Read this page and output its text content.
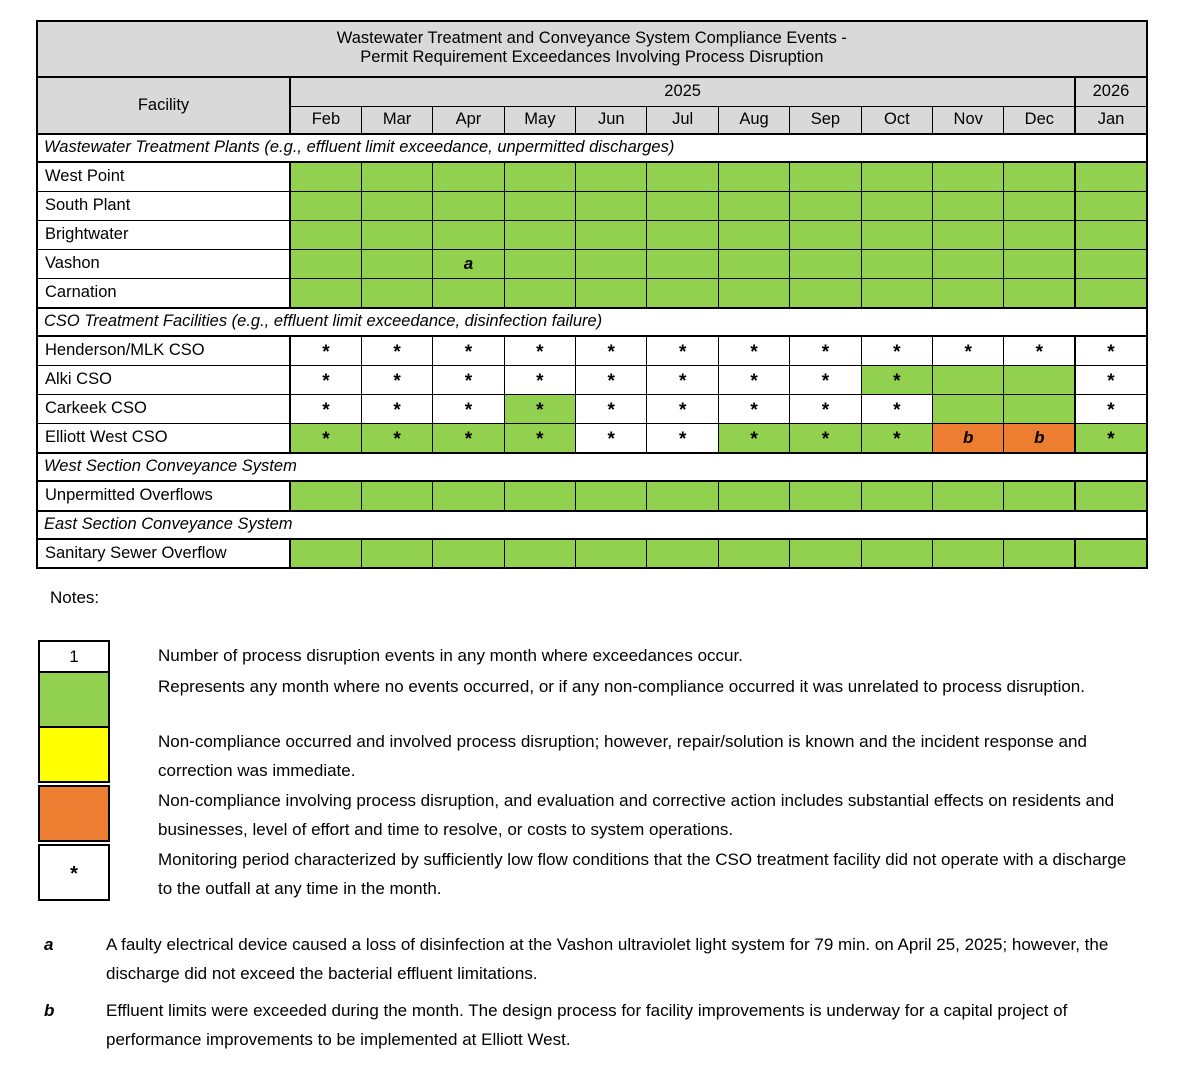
Wastewater Treatment and Conveyance System Compliance Events -
Permit Requirement Exceedances Involving Process Disruption												

Facility	2025											2026
	Feb	Mar	Apr	May	Jun	Jul	Aug	Sep	Oct	Nov	Dec	Jan
Wastewater Treatment Plants (e.g., effluent limit exceedance, unpermitted discharges)												
West Point												
South Plant												
Brightwater												
Vashon			a									
Carnation												
CSO Treatment Facilities (e.g., effluent limit exceedance, disinfection failure)												
Henderson/MLK CSO	*	*	*	*	*	*	*	*	*	*	*	*
Alki CSO	*	*	*	*	*	*	*	*	*			*
Carkeek CSO	*	*	*	*	*	*	*	*	*			*
Elliott West CSO	*	*	*	*	*	*	*	*	*	b	b	*
West Section Conveyance System												
Unpermitted Overflows												
East Section Conveyance System												
Sanitary Sewer Overflow												
Notes:
1	Number of process disruption events in any month where exceedances occur.
Represents any month where no events occurred, or if any non-compliance occurred it was unrelated to process disruption.
Non-compliance occurred and involved process disruption; however, repair/solution is known and the incident response and correction was immediate.
Non-compliance involving process disruption, and evaluation and corrective action includes substantial effects on residents and businesses, level of effort and time to resolve, or costs to system operations.
*
Monitoring period characterized by sufficiently low flow conditions that the CSO treatment facility did not operate with a discharge to the outfall at any time in the month.
a	A faulty electrical device caused a loss of disinfection at the Vashon ultraviolet light system for 79 min. on April 25, 2025; however, the discharge did not exceed the bacterial effluent limitations.
b	Effluent limits were exceeded during the month. The design process for facility improvements is underway for a capital project of performance improvements to be implemented at Elliott West.
